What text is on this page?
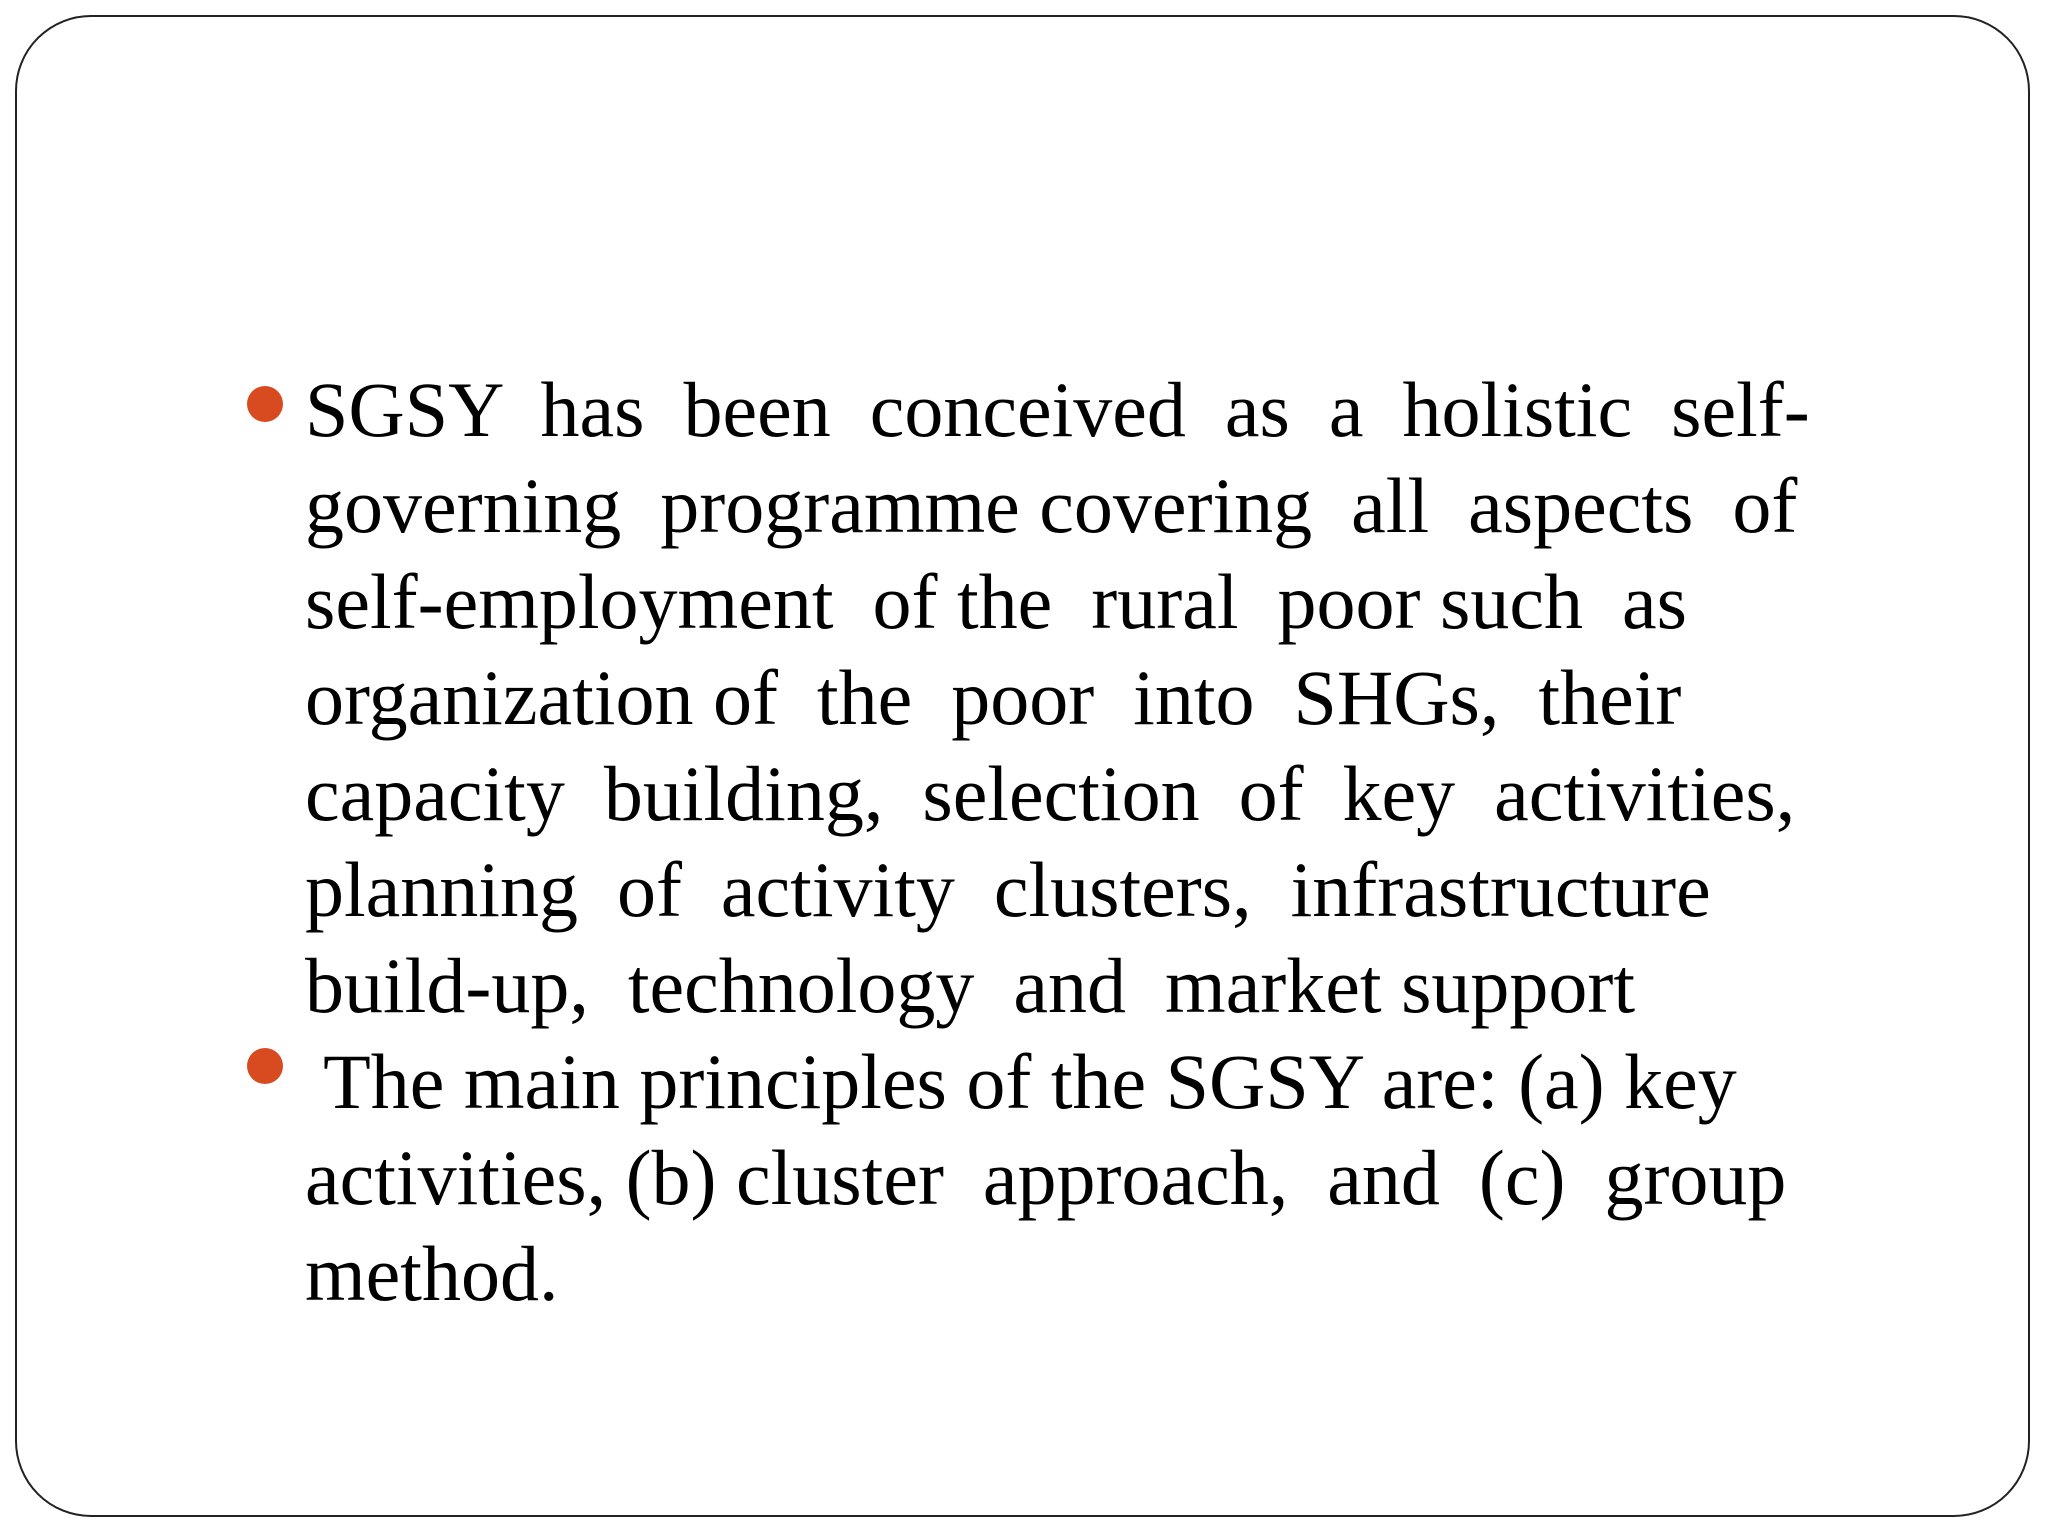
SGSY  has  been  conceived  as  a  holistic  self-
governing  programme covering  all  aspects  of
self-employment  of the  rural  poor such  as
organization of  the  poor  into  SHGs,  their
capacity  building,  selection  of  key  activities,
planning  of  activity  clusters,  infrastructure
build-up,  technology  and  market support
The main principles of the SGSY are: (a) key
activities, (b) cluster  approach,  and  (c)  group
method.
